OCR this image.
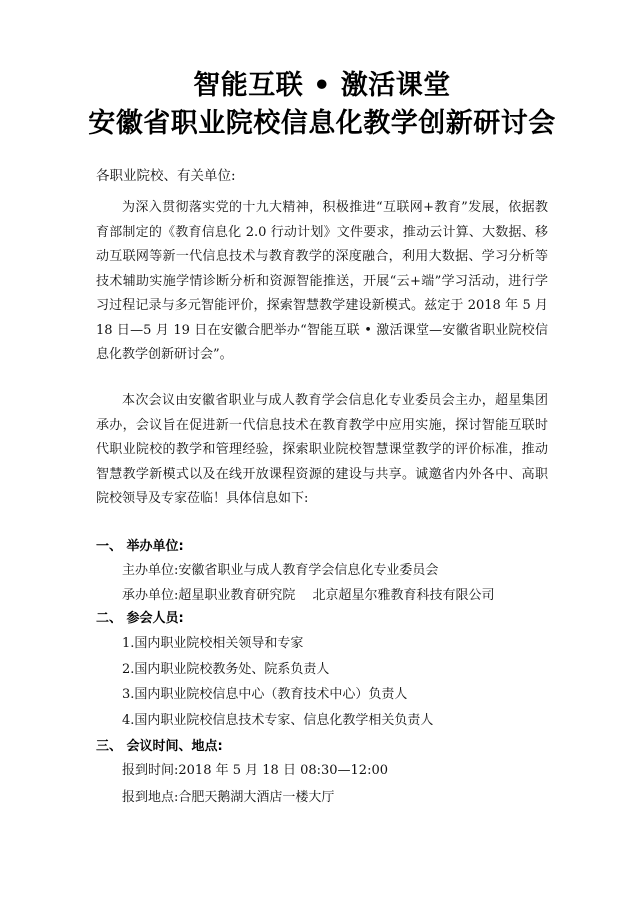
智能互联 • 激活课堂
安徽省职业院校信息化教学创新研讨会
各职业院校、有关单位:
为深入贯彻落实党的十九大精神，积极推进“互联网+教育”发展，依据教育部制定的《教育信息化 2.0 行动计划》文件要求，推动云计算、大数据、移动互联网等新一代信息技术与教育教学的深度融合，利用大数据、学习分析等技术辅助实施学情诊断分析和资源智能推送，开展“云+端”学习活动，进行学习过程记录与多元智能评价，探索智慧教学建设新模式。兹定于 2018 年 5 月 18 日—5 月 19 日在安徽合肥举办“智能互联 • 激活课堂—安徽省职业院校信息化教学创新研讨会”。
本次会议由安徽省职业与成人教育学会信息化专业委员会主办，超星集团承办，会议旨在促进新一代信息技术在教育教学中应用实施，探讨智能互联时代职业院校的教学和管理经验，探索职业院校智慧课堂教学的评价标准，推动智慧教学新模式以及在线开放课程资源的建设与共享。诚邀省内外各中、高职院校领导及专家莅临！具体信息如下:
一、 举办单位:
主办单位:安徽省职业与成人教育学会信息化专业委员会
承办单位:超星职业教育研究院　 北京超星尔雅教育科技有限公司
二、 参会人员:
1.国内职业院校相关领导和专家
2.国内职业院校教务处、院系负责人
3.国内职业院校信息中心（教育技术中心）负责人
4.国内职业院校信息技术专家、信息化教学相关负责人
三、 会议时间、地点:
报到时间:2018 年 5 月 18 日 08:30—12:00
报到地点:合肥天鹅湖大酒店一楼大厅
